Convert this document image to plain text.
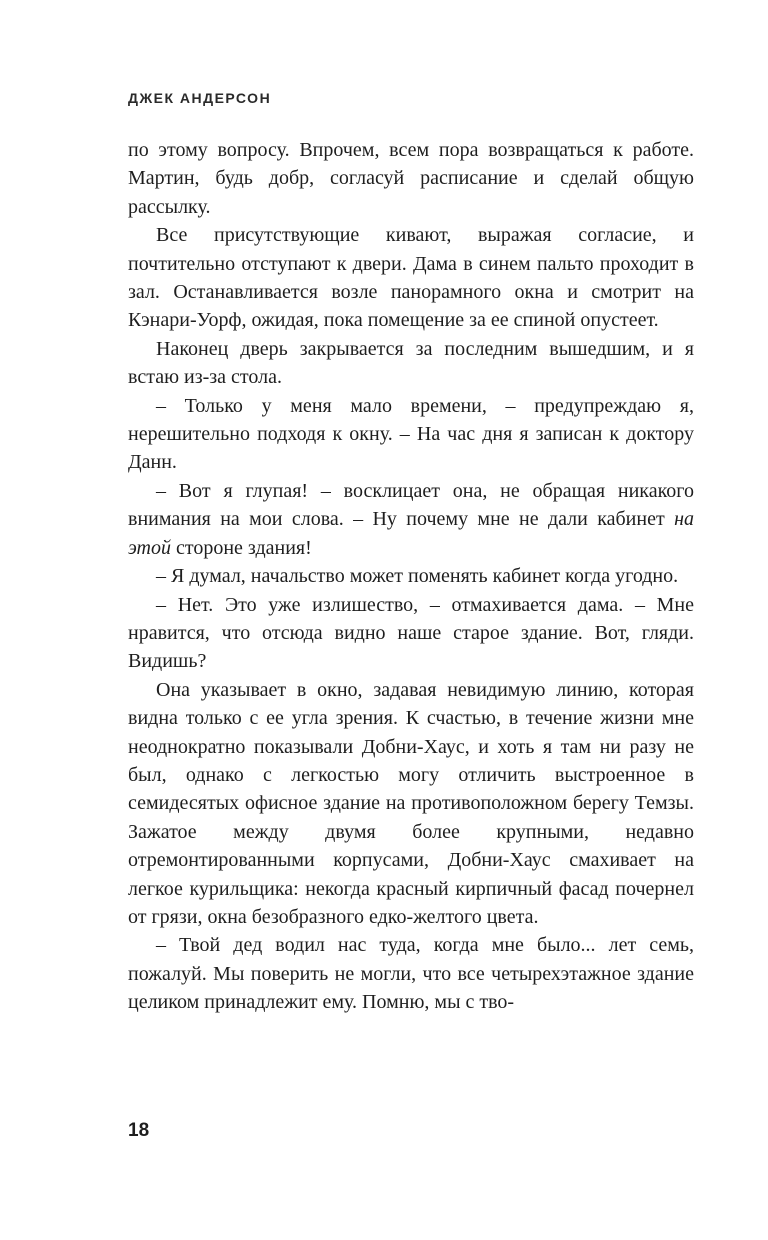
ДЖЕК АНДЕРСОН

по этому вопросу. Впрочем, всем пора возвращаться к работе. Мартин, будь добр, согласуй расписание и сделай общую рассылку.

Все присутствующие кивают, выражая согласие, и почтительно отступают к двери. Дама в синем пальто проходит в зал. Останавливается возле панорамного окна и смотрит на Кэнари-Уорф, ожидая, пока помещение за ее спиной опустеет.

Наконец дверь закрывается за последним вышедшим, и я встаю из-за стола.

– Только у меня мало времени, – предупреждаю я, нерешительно подходя к окну. – На час дня я записан к доктору Данн.

– Вот я глупая! – восклицает она, не обращая никакого внимания на мои слова. – Ну почему мне не дали кабинет на этой стороне здания!

– Я думал, начальство может поменять кабинет когда угодно.

– Нет. Это уже излишество, – отмахивается дама. – Мне нравится, что отсюда видно наше старое здание. Вот, гляди. Видишь?

Она указывает в окно, задавая невидимую линию, которая видна только с ее угла зрения. К счастью, в течение жизни мне неоднократно показывали Добни-Хаус, и хоть я там ни разу не был, однако с легкостью могу отличить выстроенное в семидесятых офисное здание на противоположном берегу Темзы. Зажатое между двумя более крупными, недавно отремонтированными корпусами, Добни-Хаус смахивает на легкое курильщика: некогда красный кирпичный фасад почернел от грязи, окна безобразного едко-желтого цвета.

– Твой дед водил нас туда, когда мне было... лет семь, пожалуй. Мы поверить не могли, что все четырехэтажное здание целиком принадлежит ему. Помню, мы с тво-

18
